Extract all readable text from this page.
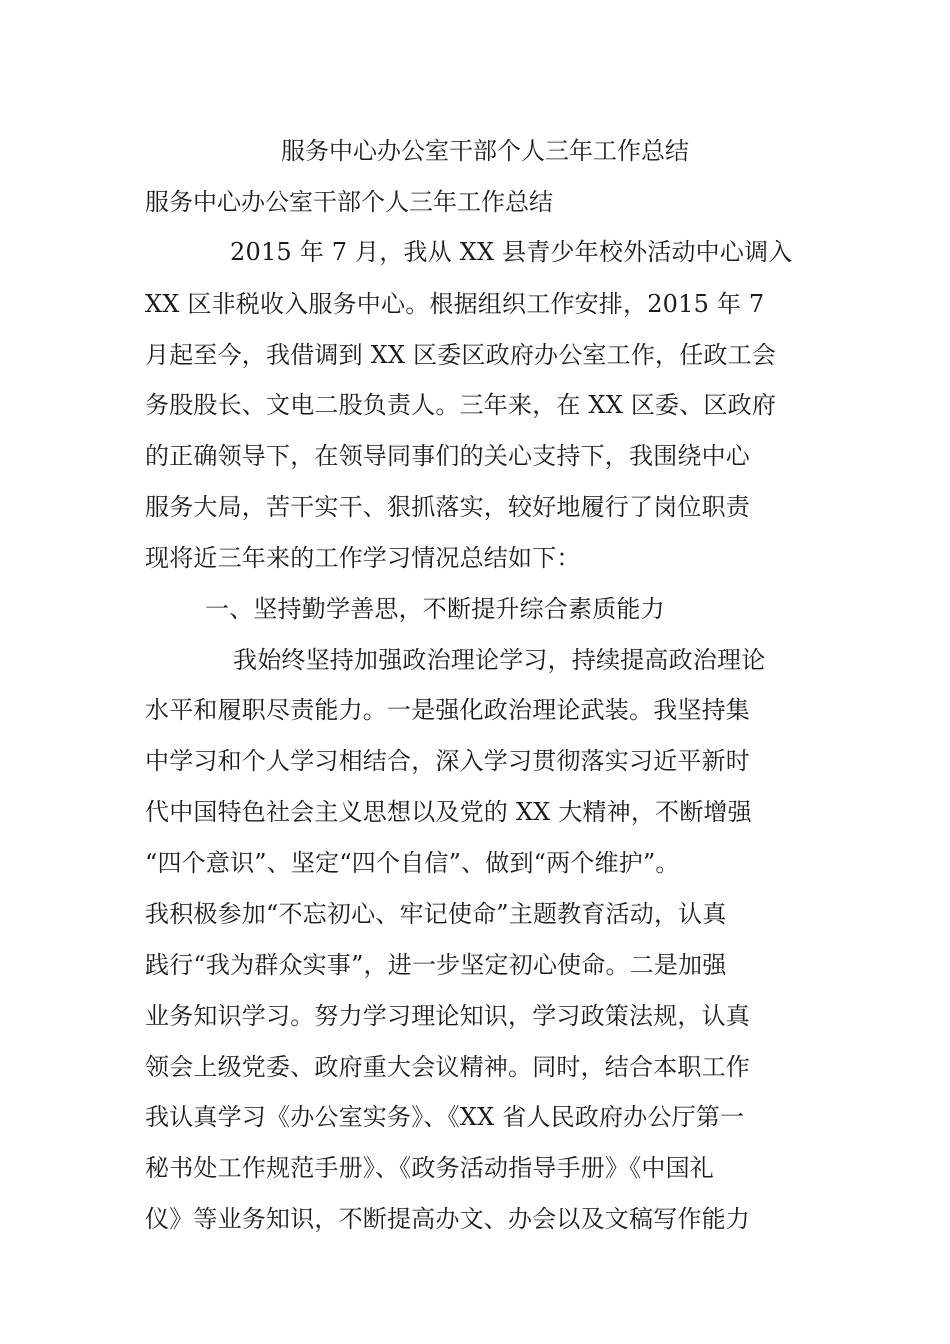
服务中心办公室干部个人三年工作总结
服务中心办公室干部个人三年工作总结
2015 年 7 月，我从 XX 县青少年校外活动中心调入
XX 区非税收入服务中心。根据组织工作安排，2015 年 7
月起至今，我借调到 XX 区委区政府办公室工作，任政工会
务股股长、文电二股负责人。三年来，在 XX 区委、区政府
的正确领导下，在领导同事们的关心支持下，我围绕中心
服务大局，苦干实干、狠抓落实，较好地履行了岗位职责
现将近三年来的工作学习情况总结如下：
一、坚持勤学善思，不断提升综合素质能力
我始终坚持加强政治理论学习，持续提高政治理论
水平和履职尽责能力。一是强化政治理论武装。我坚持集
中学习和个人学习相结合，深入学习贯彻落实习近平新时
代中国特色社会主义思想以及党的 XX 大精神，不断增强
“四个意识”、坚定“四个自信”、做到“两个维护”。
我积极参加“不忘初心、牢记使命”主题教育活动，认真
践行“我为群众实事”，进一步坚定初心使命。二是加强
业务知识学习。努力学习理论知识，学习政策法规，认真
领会上级党委、政府重大会议精神。同时，结合本职工作
我认真学习《办公室实务》、《XX 省人民政府办公厅第一
秘书处工作规范手册》、《政务活动指导手册》《中国礼
仪》等业务知识，不断提高办文、办会以及文稿写作能力
